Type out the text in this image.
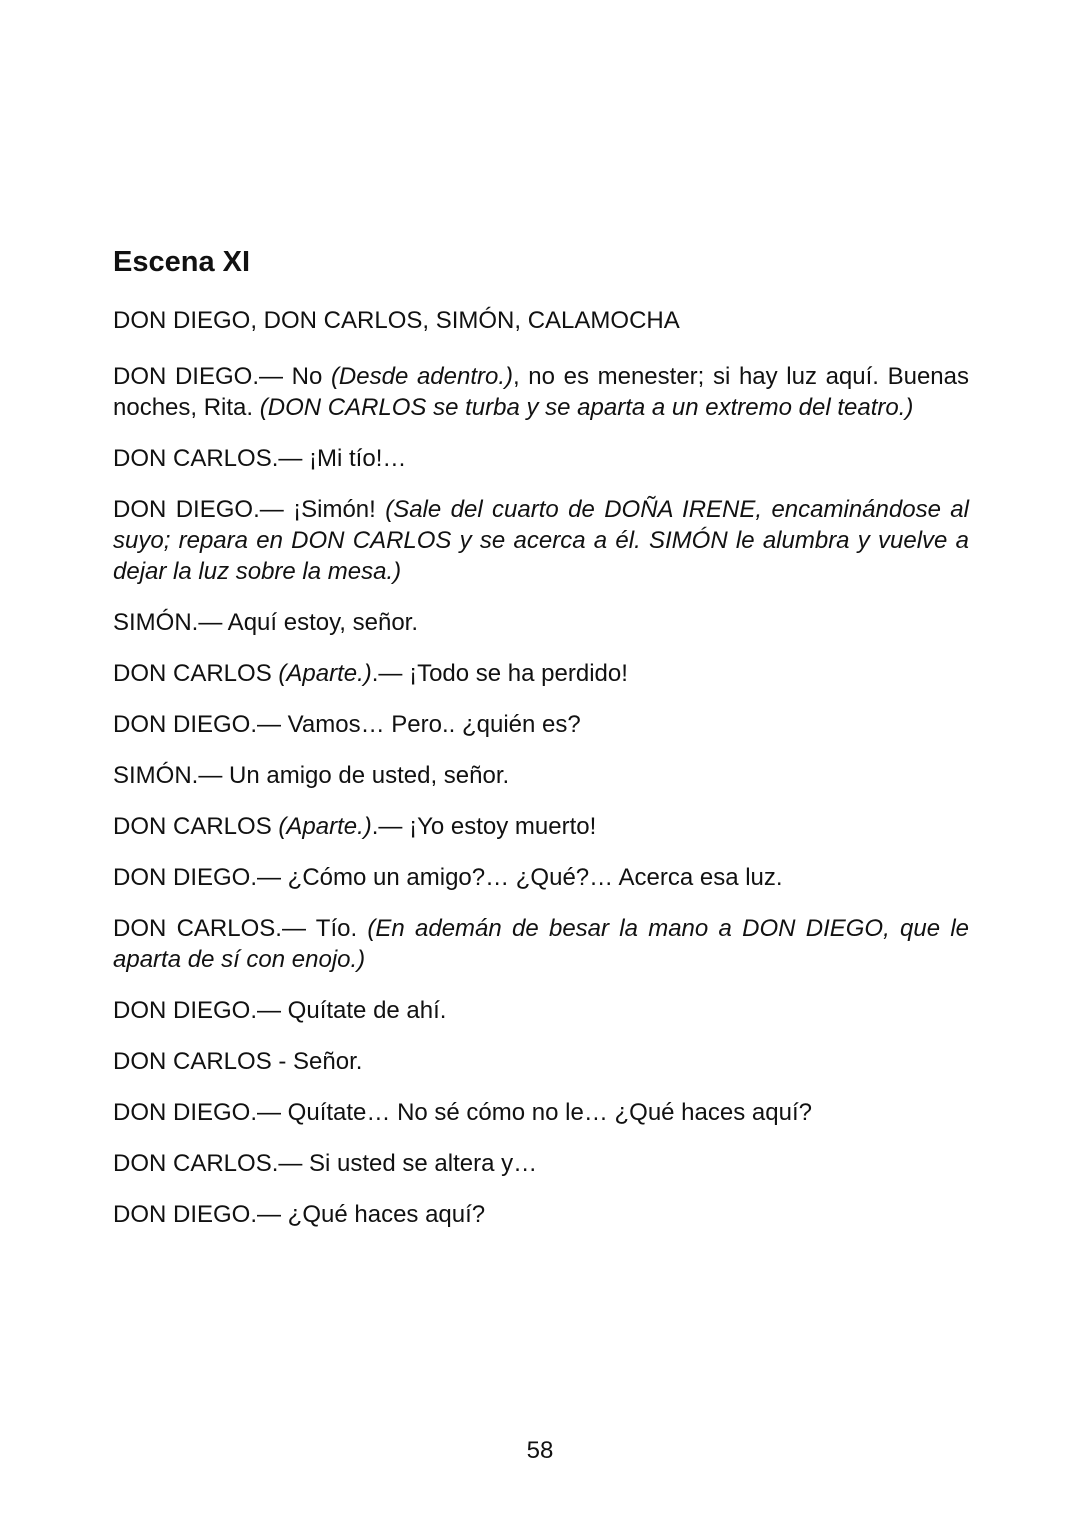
Escena XI

DON DIEGO, DON CARLOS, SIMÓN, CALAMOCHA

DON DIEGO.— No (Desde adentro.), no es menester; si hay luz aquí. Buenas noches, Rita. (DON CARLOS se turba y se aparta a un extremo del teatro.)

DON CARLOS.— ¡Mi tío!…

DON DIEGO.— ¡Simón! (Sale del cuarto de DOÑA IRENE, encaminándose al suyo; repara en DON CARLOS y se acerca a él. SIMÓN le alumbra y vuelve a dejar la luz sobre la mesa.)

SIMÓN.— Aquí estoy, señor.

DON CARLOS (Aparte.).— ¡Todo se ha perdido!

DON DIEGO.— Vamos… Pero.. ¿quién es?

SIMÓN.— Un amigo de usted, señor.

DON CARLOS (Aparte.).— ¡Yo estoy muerto!

DON DIEGO.— ¿Cómo un amigo?… ¿Qué?… Acerca esa luz.

DON CARLOS.— Tío. (En ademán de besar la mano a DON DIEGO, que le aparta de sí con enojo.)

DON DIEGO.— Quítate de ahí.

DON CARLOS - Señor.

DON DIEGO.— Quítate… No sé cómo no le… ¿Qué haces aquí?

DON CARLOS.— Si usted se altera y…

DON DIEGO.— ¿Qué haces aquí?

58
